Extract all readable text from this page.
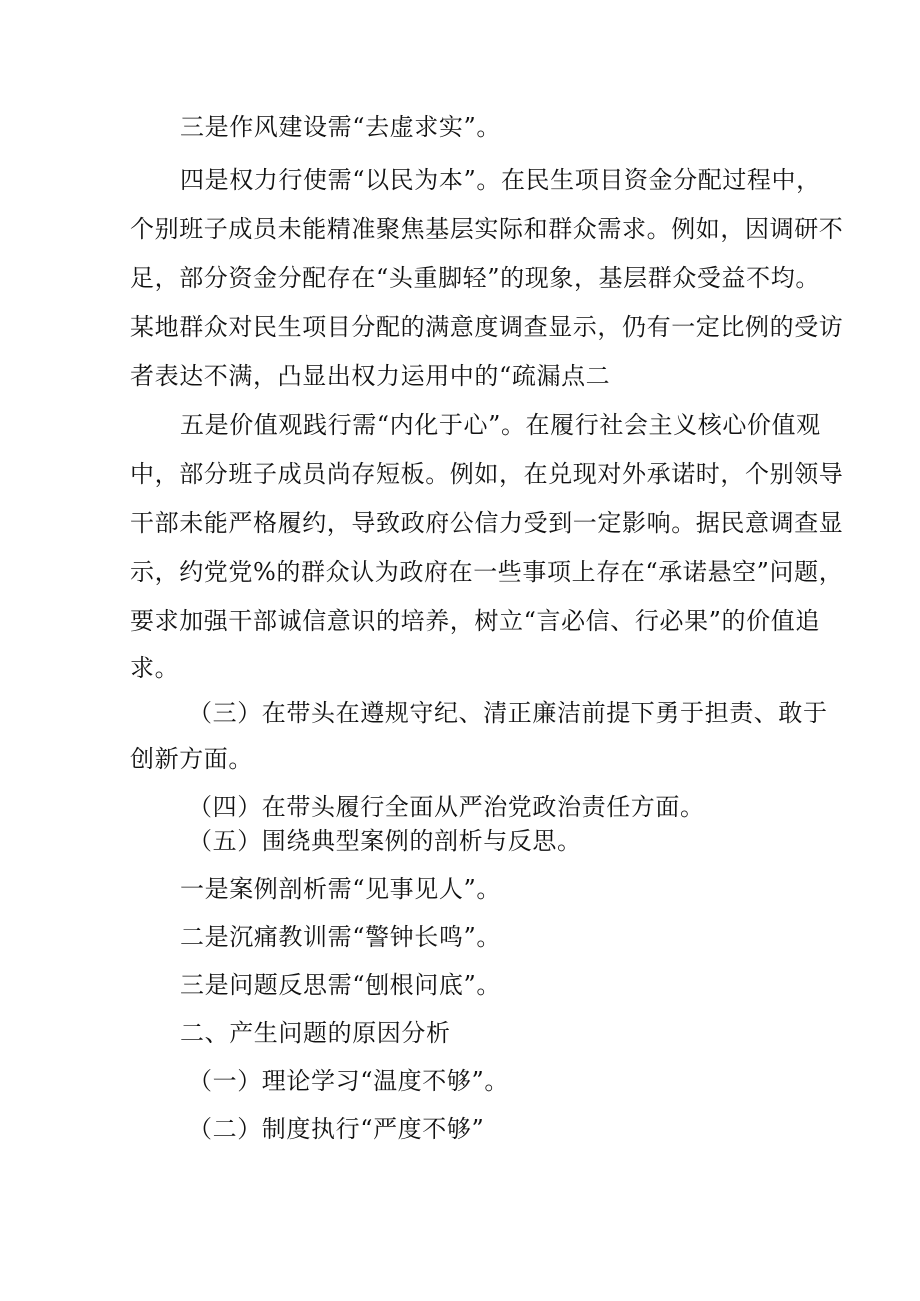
三是作风建设需“去虚求实”。

四是权力行使需“以民为本”。在民生项目资金分配过程中，

个别班子成员未能精准聚焦基层实际和群众需求。例如，因调研不

足，部分资金分配存在“头重脚轻”的现象，基层群众受益不均。

某地群众对民生项目分配的满意度调查显示，仍有一定比例的受访

者表达不满，凸显出权力运用中的“疏漏点二

五是价值观践行需“内化于心”。在履行社会主义核心价值观

中，部分班子成员尚存短板。例如，在兑现对外承诺时，个别领导

干部未能严格履约，导致政府公信力受到一定影响。据民意调查显

示，约党党%的群众认为政府在一些事项上存在“承诺悬空”问题，

要求加强干部诚信意识的培养，树立“言必信、行必果”的价值追

求。

（三）在带头在遵规守纪、清正廉洁前提下勇于担责、敢于

创新方面。

（四）在带头履行全面从严治党政治责任方面。

（五）围绕典型案例的剖析与反思。

一是案例剖析需“见事见人”。

二是沉痛教训需“警钟长鸣”。

三是问题反思需“刨根问底”。

二、产生问题的原因分析

（一）理论学习“温度不够”。

（二）制度执行“严度不够”
